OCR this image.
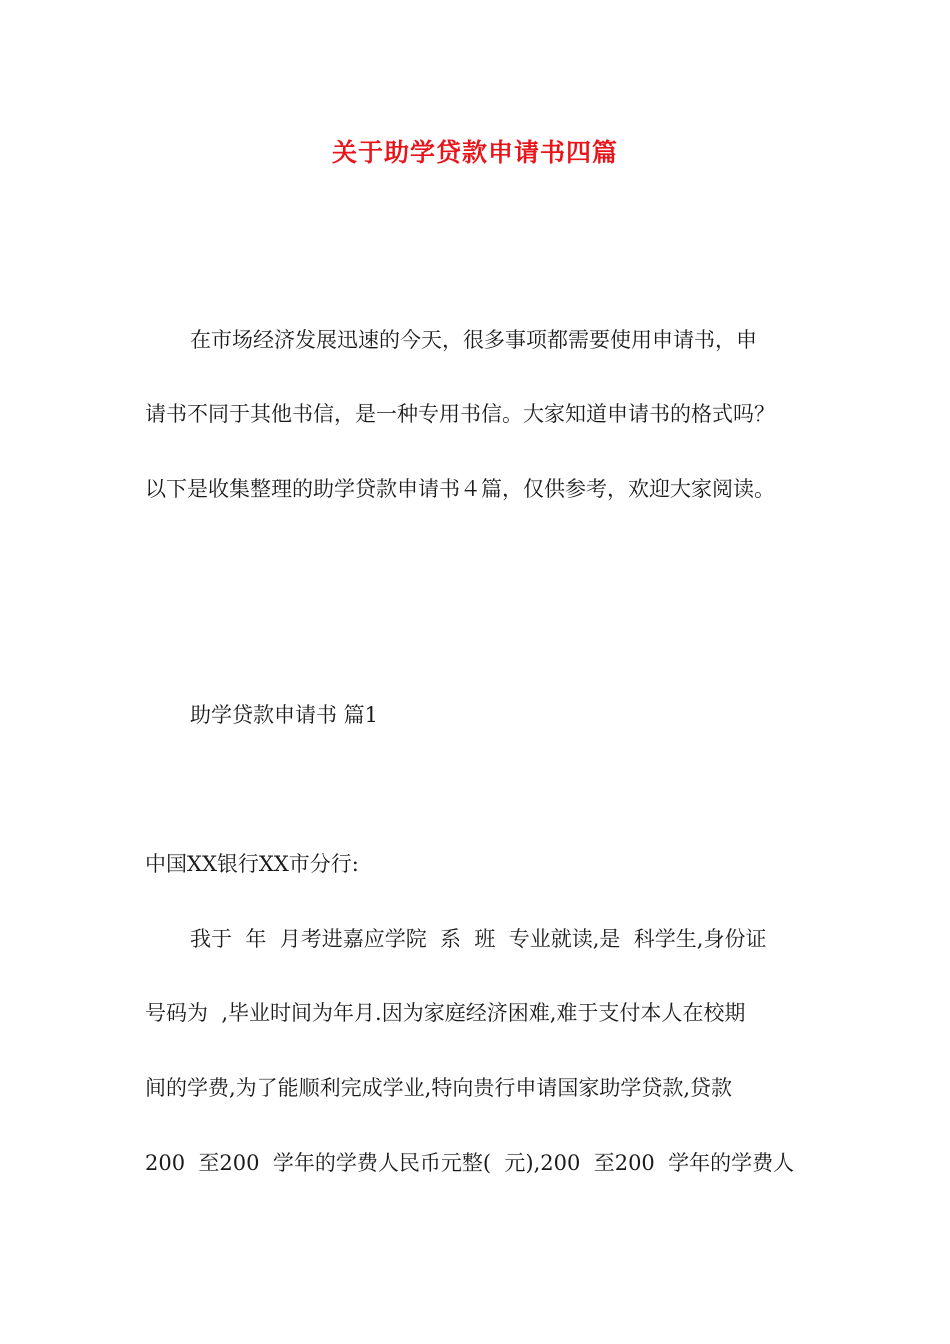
关于助学贷款申请书四篇
在市场经济发展迅速的今天，很多事项都需要使用申请书，申
请书不同于其他书信，是一种专用书信。大家知道申请书的格式吗？
以下是收集整理的助学贷款申请书４篇，仅供参考，欢迎大家阅读。
助学贷款申请书 篇1
中国XX银行XX市分行:
我于  年  月考进嘉应学院  系  班  专业就读,是  科学生,身份证
号码为  ,毕业时间为年月.因为家庭经济困难,难于支付本人在校期
间的学费,为了能顺利完成学业,特向贵行申请国家助学贷款,贷款
200  至200  学年的学费人民币元整(  元),200  至200  学年的学费人
